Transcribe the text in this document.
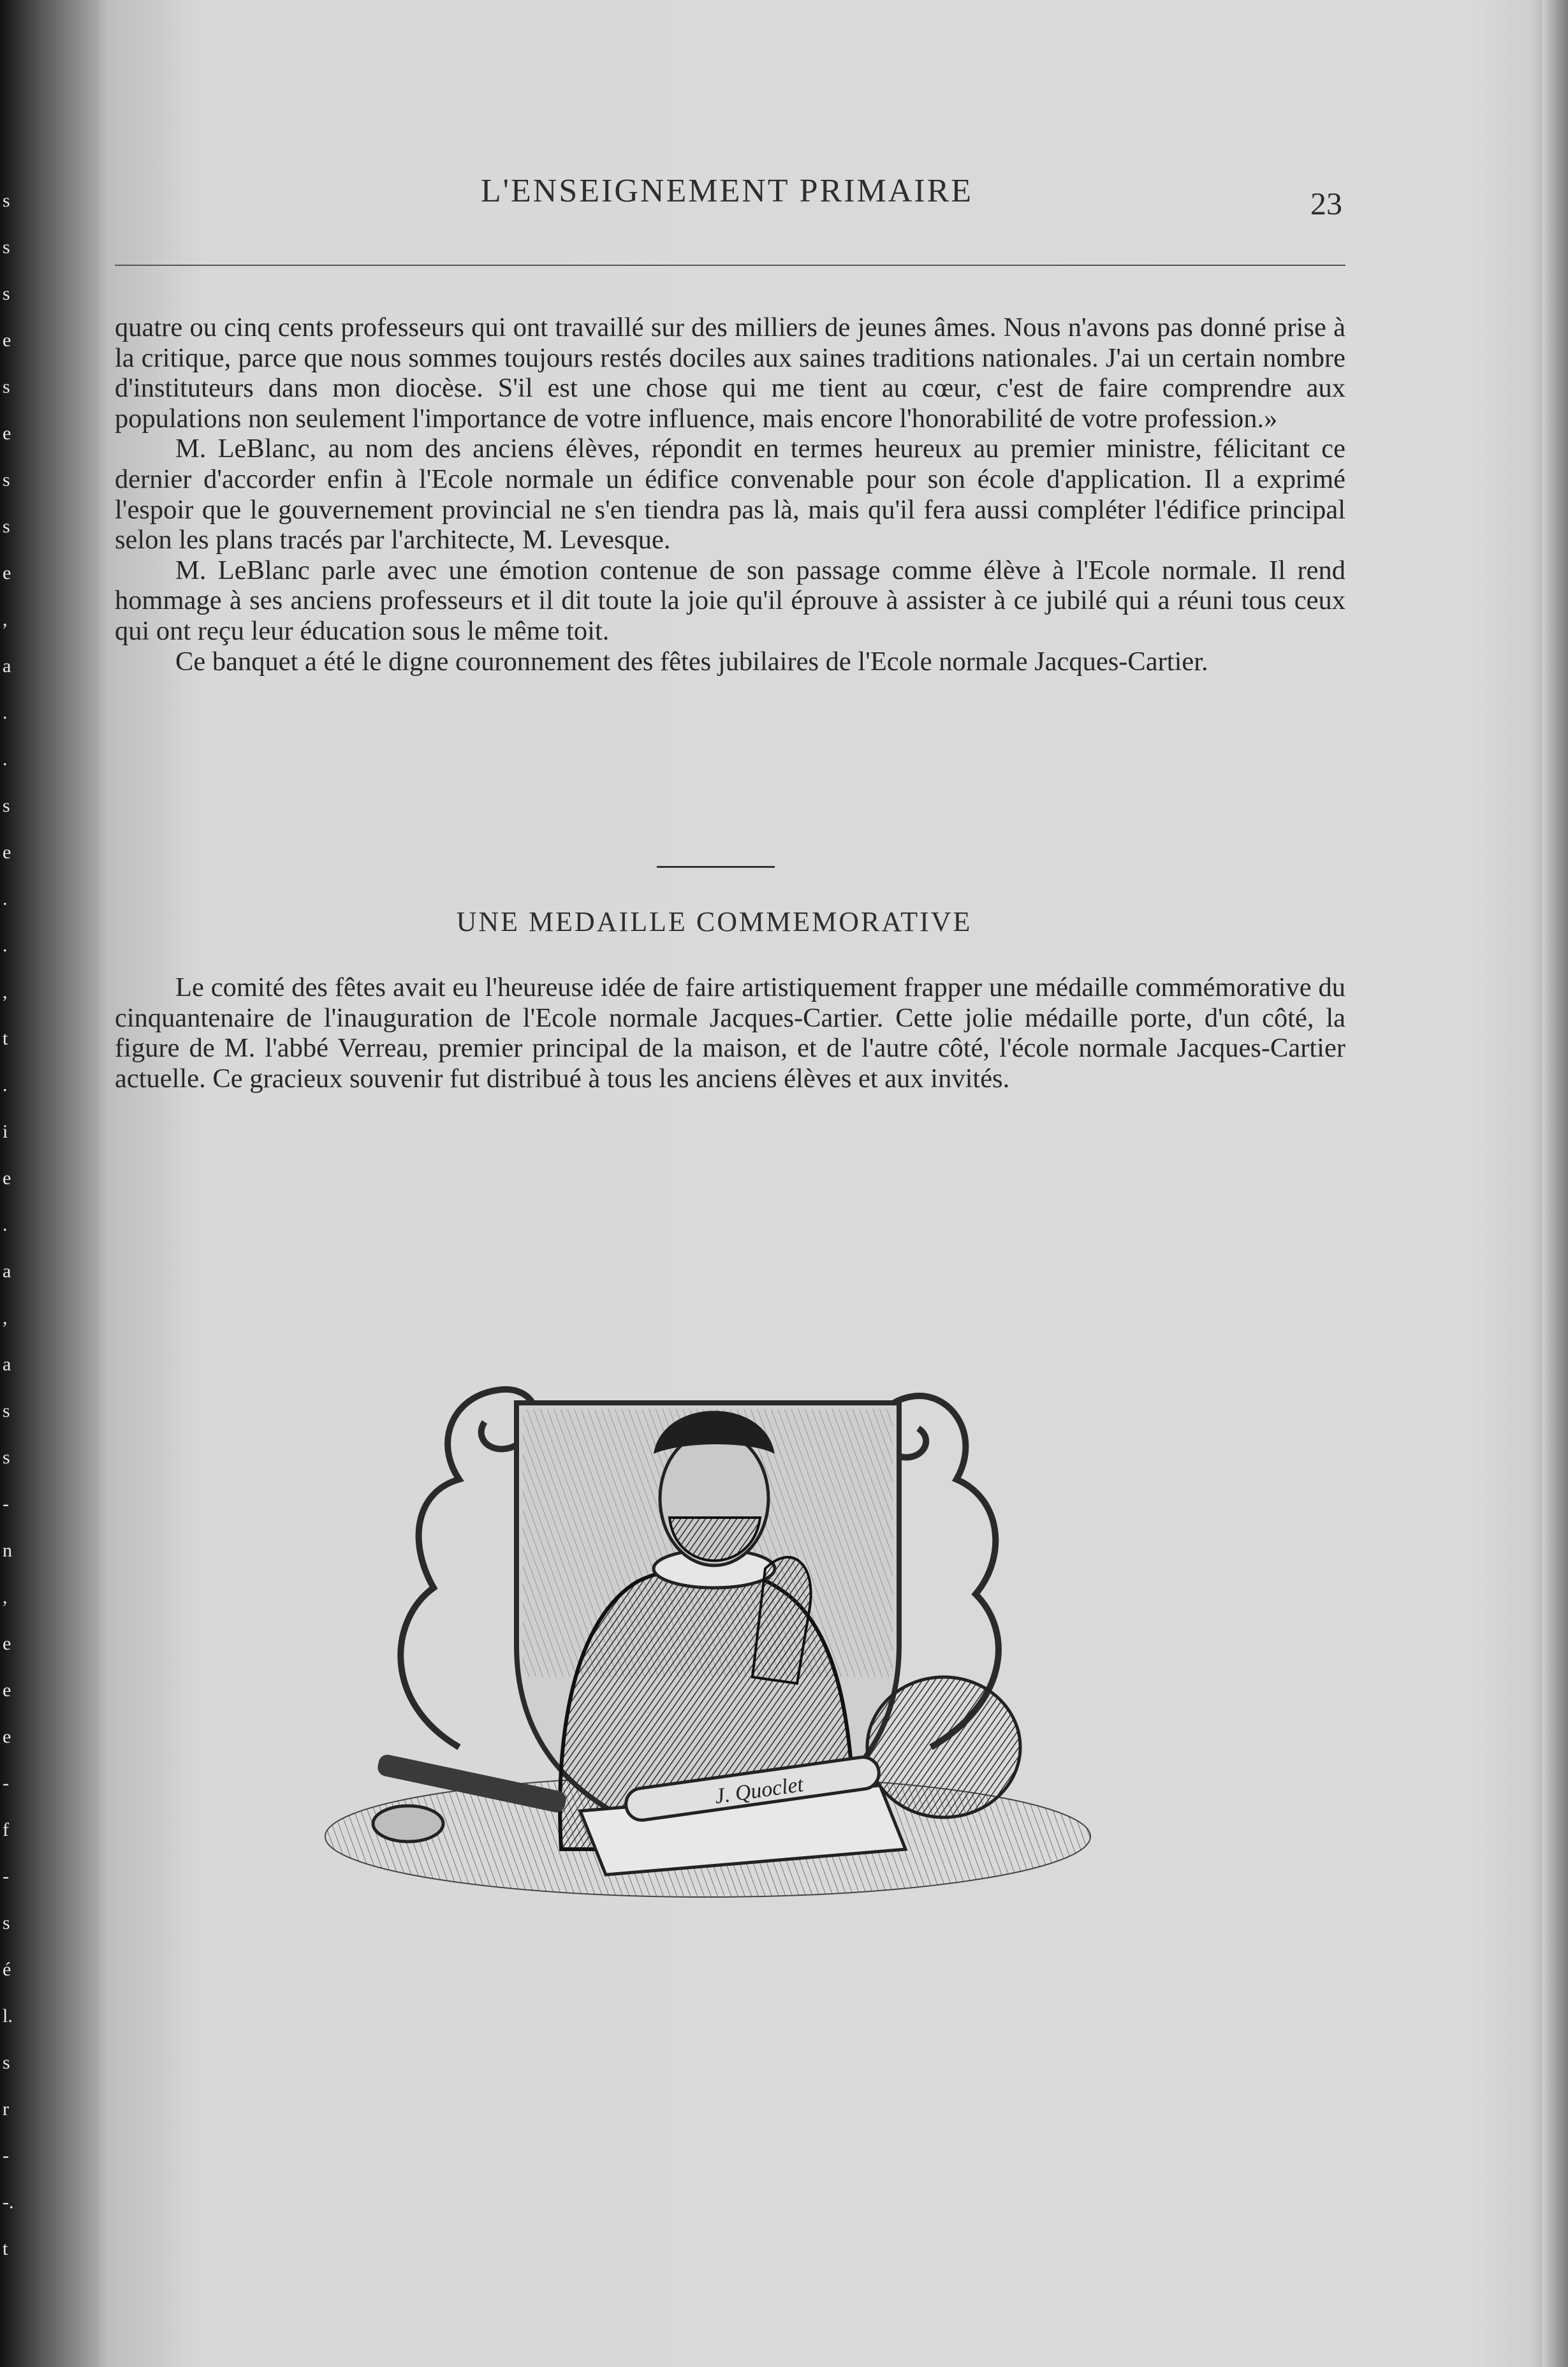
s
s
s
e
s
e
s
s
e
,
a
.
.
s
e
.
.
,
t
.
i
e
.
a
,
a
s
s
-
n
,
e
e
e
-
f
-
s
é
l.
s
r
-
-.
t
L'ENSEIGNEMENT PRIMAIRE	23

quatre ou cinq cents professeurs qui ont travaillé sur des milliers de jeunes âmes. Nous n'avons pas donné prise à la critique, parce que nous sommes toujours restés dociles aux saines traditions nationales. J'ai un certain nombre d'instituteurs dans mon diocèse. S'il est une chose qui me tient au cœur, c'est de faire comprendre aux populations non seulement l'importance de votre influence, mais encore l'honorabilité de votre profession.»

M. LeBlanc, au nom des anciens élèves, répondit en termes heureux au premier ministre, félicitant ce dernier d'accorder enfin à l'Ecole normale un édifice convenable pour son école d'application. Il a exprimé l'espoir que le gouvernement provincial ne s'en tiendra pas là, mais qu'il fera aussi compléter l'édifice principal selon les plans tracés par l'architecte, M. Levesque.

M. LeBlanc parle avec une émotion contenue de son passage comme élève à l'Ecole normale. Il rend hommage à ses anciens professeurs et il dit toute la joie qu'il éprouve à assister à ce jubilé qui a réuni tous ceux qui ont reçu leur éducation sous le même toit.

Ce banquet a été le digne couronnement des fêtes jubilaires de l'Ecole normale Jacques-Cartier.

UNE MEDAILLE COMMEMORATIVE

Le comité des fêtes avait eu l'heureuse idée de faire artistiquement frapper une médaille commémorative du cinquantenaire de l'inauguration de l'Ecole normale Jacques-Cartier. Cette jolie médaille porte, d'un côté, la figure de M. l'abbé Verreau, premier principal de la maison, et de l'autre côté, l'école normale Jacques-Cartier actuelle. Ce gracieux souvenir fut distribué à tous les anciens élèves et aux invités.

J. Quoclet
